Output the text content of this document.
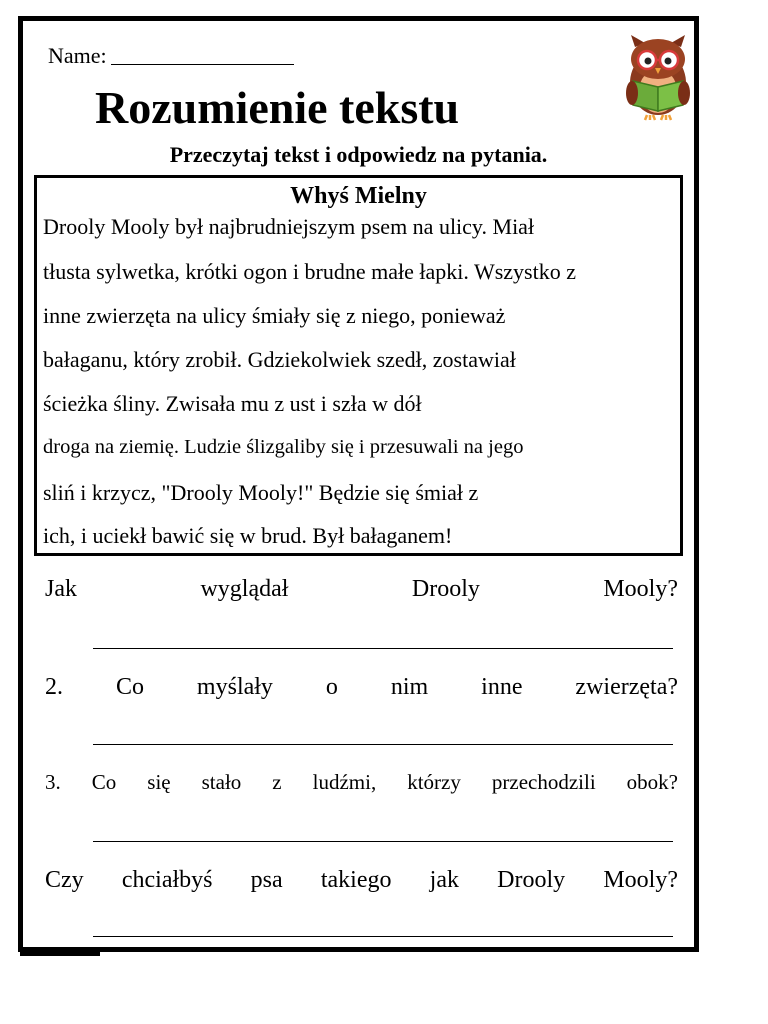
Name:
Rozumienie tekstu
Przeczytaj tekst i odpowiedz na pytania.
Whyś Mielny
Drooly Mooly był najbrudniejszym psem na ulicy. Miał
tłusta sylwetka, krótki ogon i brudne małe łapki. Wszystko z
inne zwierzęta na ulicy śmiały się z niego, ponieważ
bałaganu, który zrobił. Gdziekolwiek szedł, zostawiał
ścieżka śliny. Zwisała mu z ust i szła w dół
droga na ziemię. Ludzie ślizgaliby się i przesuwali na jego
sliń i krzycz, "Drooly Mooly!" Będzie się śmiał z
ich, i uciekł bawić się w brud. Był bałaganem!
Jak wyglądał Drooly Mooly?
2. Co myślały o nim inne zwierzęta?
3. Co się stało z ludźmi, którzy przechodzili obok?
Czy chciałbyś psa takiego jak Drooly Mooly?
